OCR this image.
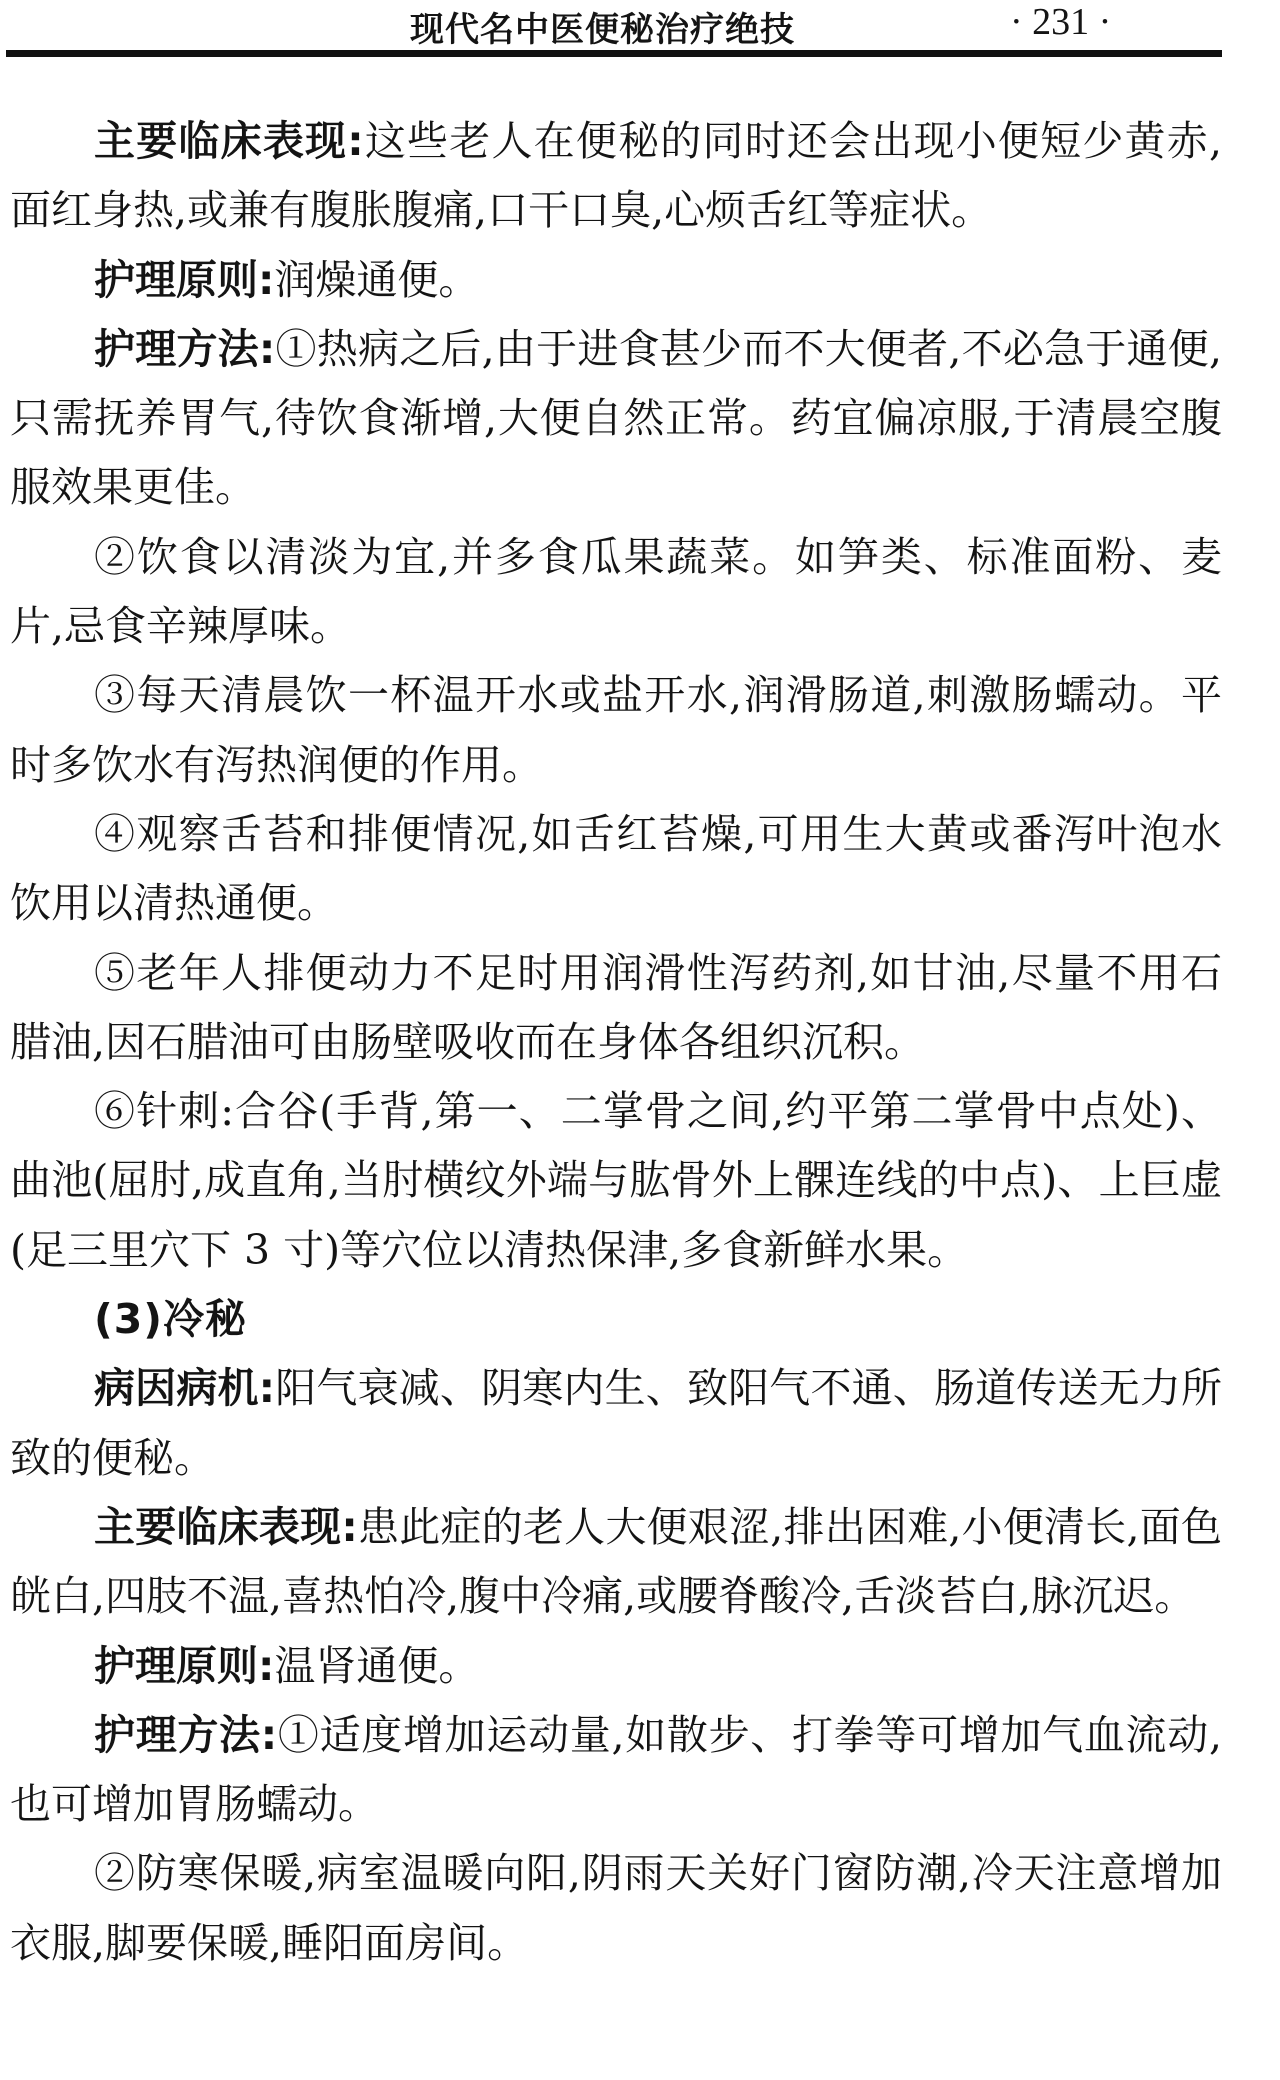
现代名中医便秘治疗绝技	· 231 ·

主要临床表现:这些老人在便秘的同时还会出现小便短少黄赤,面红身热,或兼有腹胀腹痛,口干口臭,心烦舌红等症状。

护理原则:润燥通便。

护理方法:①热病之后,由于进食甚少而不大便者,不必急于通便,只需抚养胃气,待饮食渐增,大便自然正常。药宜偏凉服,于清晨空腹服效果更佳。

②饮食以清淡为宜,并多食瓜果蔬菜。如笋类、标准面粉、麦片,忌食辛辣厚味。

③每天清晨饮一杯温开水或盐开水,润滑肠道,刺激肠蠕动。平时多饮水有泻热润便的作用。

④观察舌苔和排便情况,如舌红苔燥,可用生大黄或番泻叶泡水饮用以清热通便。

⑤老年人排便动力不足时用润滑性泻药剂,如甘油,尽量不用石腊油,因石腊油可由肠壁吸收而在身体各组织沉积。

⑥针刺:合谷(手背,第一、二掌骨之间,约平第二掌骨中点处)、曲池(屈肘,成直角,当肘横纹外端与肱骨外上髁连线的中点)、上巨虚(足三里穴下 3 寸)等穴位以清热保津,多食新鲜水果。

(3)冷秘

病因病机:阳气衰减、阴寒内生、致阳气不通、肠道传送无力所致的便秘。

主要临床表现:患此症的老人大便艰涩,排出困难,小便清长,面色㿠白,四肢不温,喜热怕冷,腹中冷痛,或腰脊酸冷,舌淡苔白,脉沉迟。

护理原则:温肾通便。

护理方法:①适度增加运动量,如散步、打拳等可增加气血流动,也可增加胃肠蠕动。

②防寒保暖,病室温暖向阳,阴雨天关好门窗防潮,冷天注意增加衣服,脚要保暖,睡阳面房间。
